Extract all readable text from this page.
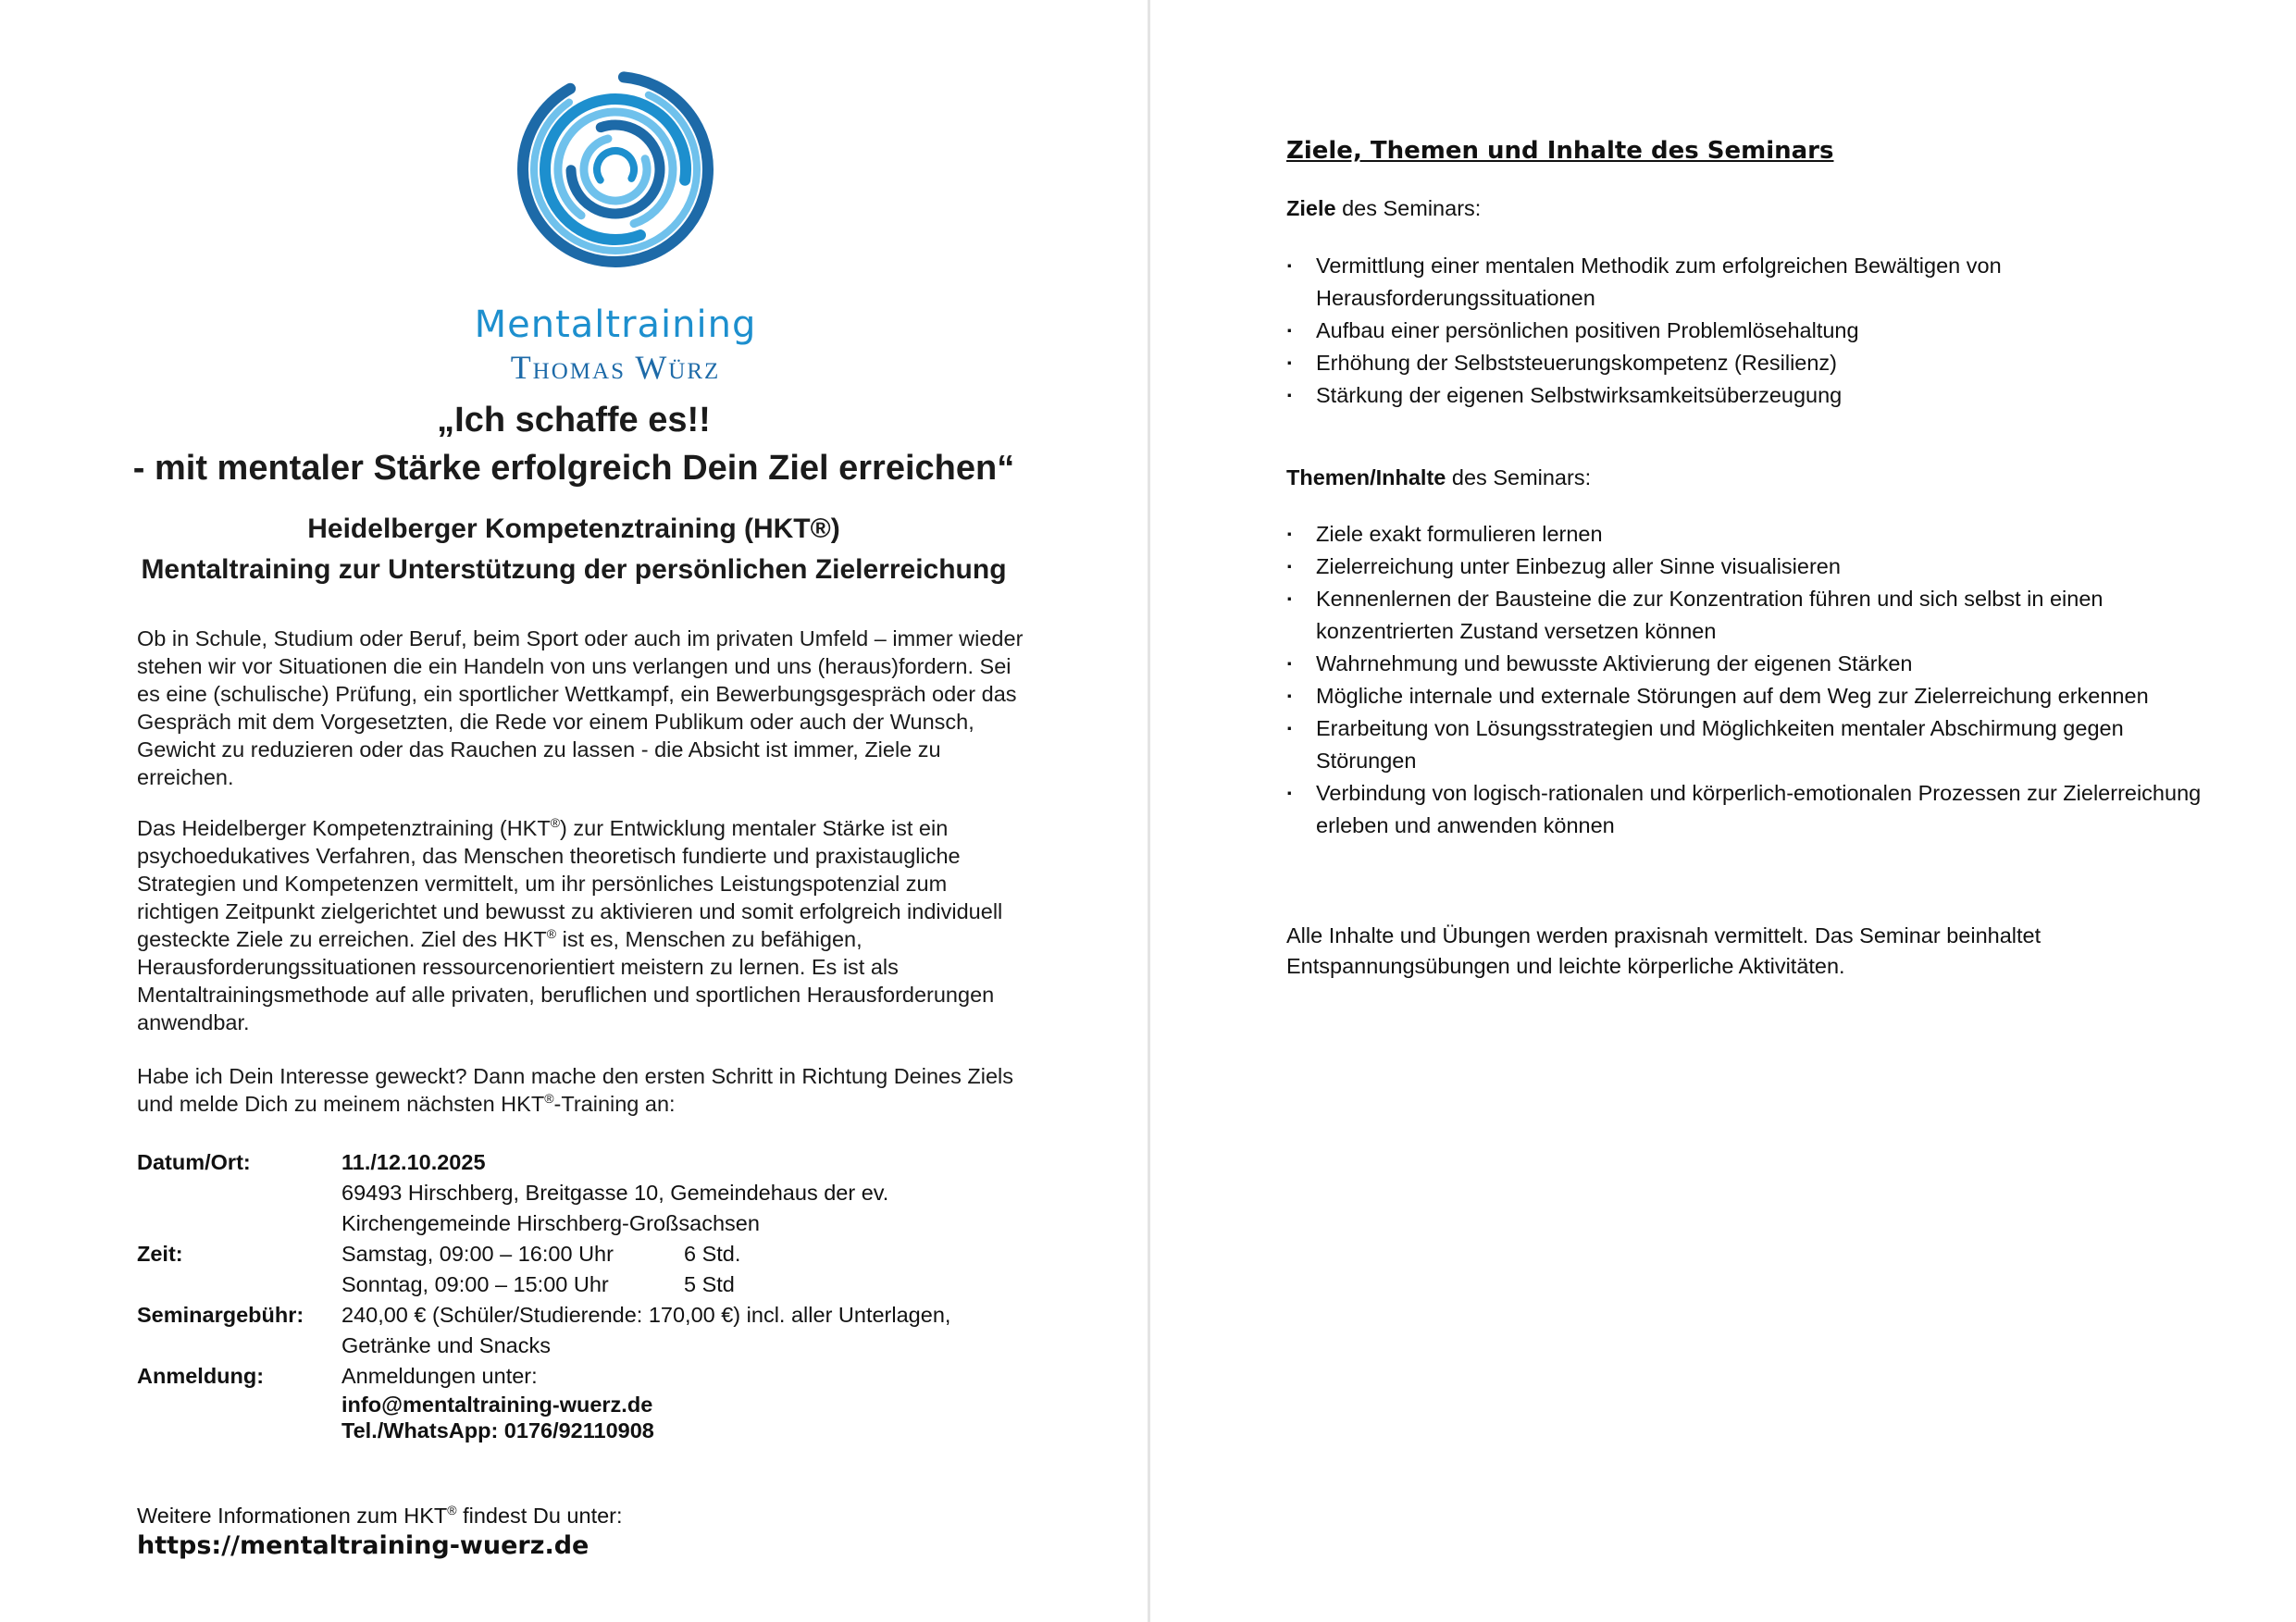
Mentaltraining
Thomas Würz
„Ich schaffe es!!
- mit mentaler Stärke erfolgreich Dein Ziel erreichen“
Heidelberger Kompetenztraining (HKT®)
Mentaltraining zur Unterstützung der persönlichen Zielerreichung

Ob in Schule, Studium oder Beruf, beim Sport oder auch im privaten Umfeld – immer wieder stehen wir vor Situationen die ein Handeln von uns verlangen und uns (heraus)fordern. Sei es eine (schulische) Prüfung, ein sportlicher Wettkampf, ein Bewerbungsgespräch oder das Gespräch mit dem Vorgesetzten, die Rede vor einem Publikum oder auch der Wunsch, Gewicht zu reduzieren oder das Rauchen zu lassen - die Absicht ist immer, Ziele zu erreichen.

Das Heidelberger Kompetenztraining (HKT®) zur Entwicklung mentaler Stärke ist ein psychoedukatives Verfahren, das Menschen theoretisch fundierte und praxistaugliche Strategien und Kompetenzen vermittelt, um ihr persönliches Leistungspotenzial zum richtigen Zeitpunkt zielgerichtet und bewusst zu aktivieren und somit erfolgreich individuell gesteckte Ziele zu erreichen. Ziel des HKT® ist es, Menschen zu befähigen, Herausforderungssituationen ressourcenorientiert meistern zu lernen. Es ist als Mentaltrainingsmethode auf alle privaten, beruflichen und sportlichen Herausforderungen anwendbar.

Habe ich Dein Interesse geweckt? Dann mache den ersten Schritt in Richtung Deines Ziels und melde Dich zu meinem nächsten HKT®-Training an:

Datum/Ort:	11./12.10.2025
69493 Hirschberg, Breitgasse 10, Gemeindehaus der ev.
Kirchengemeinde Hirschberg-Großsachsen
Zeit:	Samstag, 09:00 – 16:00 Uhr	6 Std.
Sonntag, 09:00 – 15:00 Uhr	5 Std
Seminargebühr: 240,00 € (Schüler/Studierende: 170,00 €) incl. aller Unterlagen,
Getränke und Snacks
Anmeldung:	Anmeldungen unter:
info@mentaltraining-wuerz.de
Tel./WhatsApp: 0176/92110908
Weitere Informationen zum HKT® findest Du unter:
https://mentaltraining-wuerz.de
Ziele, Themen und Inhalte des Seminars
Ziele des Seminars:
· Vermittlung einer mentalen Methodik zum erfolgreichen Bewältigen von Herausforderungssituationen
· Aufbau einer persönlichen positiven Problemlösehaltung
· Erhöhung der Selbststeuerungskompetenz (Resilienz)
· Stärkung der eigenen Selbstwirksamkeitsüberzeugung
Themen/Inhalte des Seminars:
· Ziele exakt formulieren lernen
· Zielerreichung unter Einbezug aller Sinne visualisieren
· Kennenlernen der Bausteine die zur Konzentration führen und sich selbst in einen konzentrierten Zustand versetzen können
· Wahrnehmung und bewusste Aktivierung der eigenen Stärken
· Mögliche internale und externale Störungen auf dem Weg zur Zielerreichung erkennen
· Erarbeitung von Lösungsstrategien und Möglichkeiten mentaler Abschirmung gegen Störungen
· Verbindung von logisch-rationalen und körperlich-emotionalen Prozessen zur Zielerreichung erleben und anwenden können

Alle Inhalte und Übungen werden praxisnah vermittelt. Das Seminar beinhaltet Entspannungsübungen und leichte körperliche Aktivitäten.
